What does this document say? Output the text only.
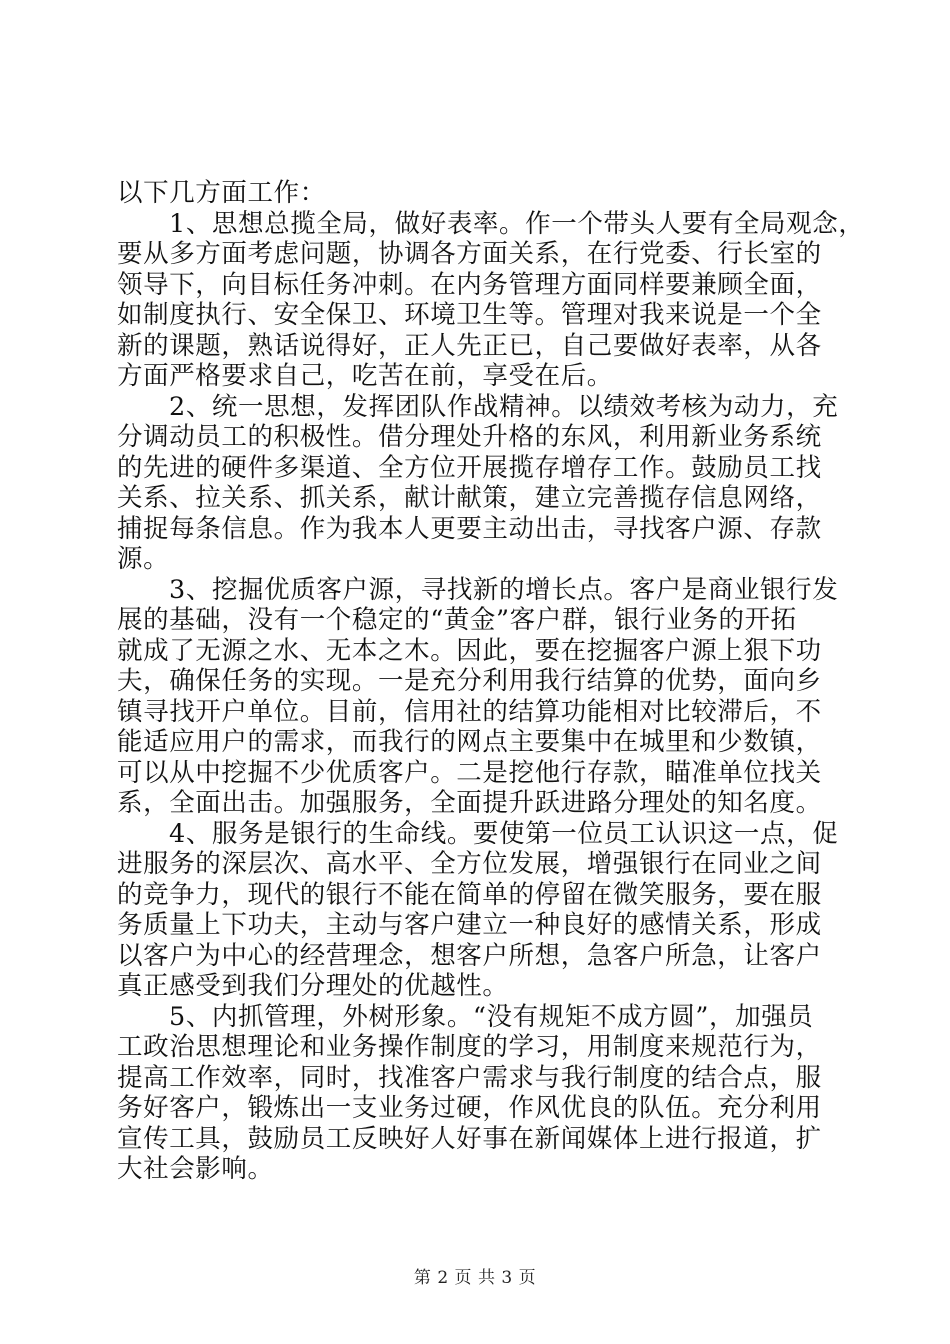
以下几方面工作：
1、思想总揽全局，做好表率。作一个带头人要有全局观念，
要从多方面考虑问题，协调各方面关系，在行党委、行长室的
领导下，向目标任务冲刺。在内务管理方面同样要兼顾全面，
如制度执行、安全保卫、环境卫生等。管理对我来说是一个全
新的课题，熟话说得好，正人先正已，自己要做好表率，从各
方面严格要求自己，吃苦在前，享受在后。
2、统一思想，发挥团队作战精神。以绩效考核为动力，充
分调动员工的积极性。借分理处升格的东风，利用新业务系统
的先进的硬件多渠道、全方位开展揽存增存工作。鼓励员工找
关系、拉关系、抓关系，献计献策，建立完善揽存信息网络，
捕捉每条信息。作为我本人更要主动出击，寻找客户源、存款
源。
3、挖掘优质客户源，寻找新的增长点。客户是商业银行发
展的基础，没有一个稳定的“黄金”客户群，银行业务的开拓
就成了无源之水、无本之木。因此，要在挖掘客户源上狠下功
夫，确保任务的实现。一是充分利用我行结算的优势，面向乡
镇寻找开户单位。目前，信用社的结算功能相对比较滞后，不
能适应用户的需求，而我行的网点主要集中在城里和少数镇，
可以从中挖掘不少优质客户。二是挖他行存款，瞄准单位找关
系，全面出击。加强服务，全面提升跃进路分理处的知名度。
4、服务是银行的生命线。要使第一位员工认识这一点，促
进服务的深层次、高水平、全方位发展，增强银行在同业之间
的竞争力，现代的银行不能在简单的停留在微笑服务，要在服
务质量上下功夫，主动与客户建立一种良好的感情关系，形成
以客户为中心的经营理念，想客户所想，急客户所急，让客户
真正感受到我们分理处的优越性。
5、内抓管理，外树形象。“没有规矩不成方圆”，加强员
工政治思想理论和业务操作制度的学习，用制度来规范行为，
提高工作效率，同时，找准客户需求与我行制度的结合点，服
务好客户，锻炼出一支业务过硬，作风优良的队伍。充分利用
宣传工具，鼓励员工反映好人好事在新闻媒体上进行报道，扩
大社会影响。
第 2 页 共 3 页
